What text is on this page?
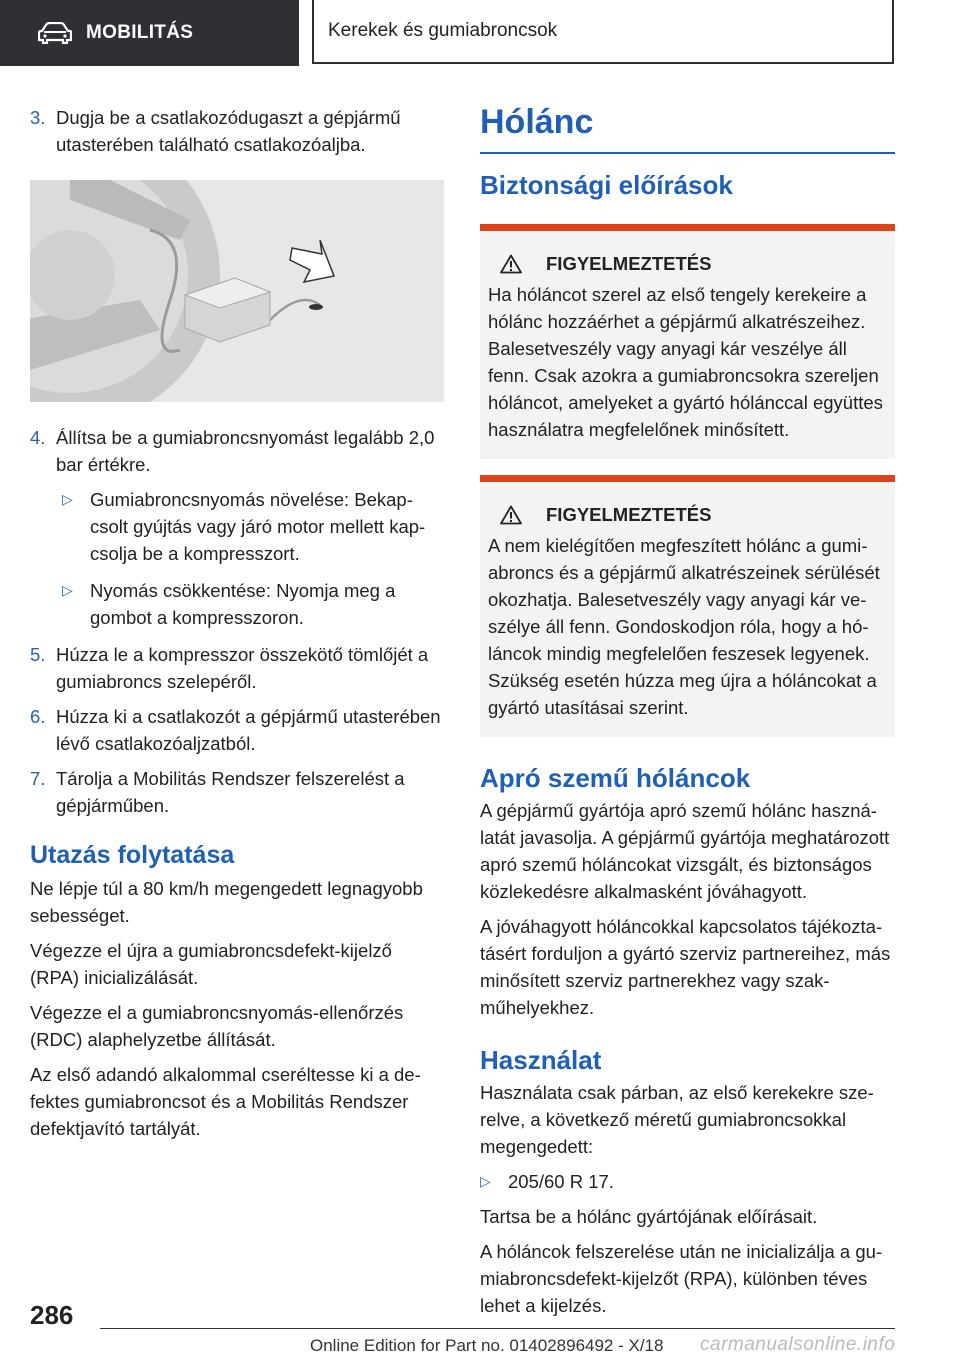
MOBILITÁS	Kerekek és gumiabroncsok
3. Dugja be a csatlakozódugaszt a gépjármű utasterében található csatlakozóaljba.
4. Állítsa be a gumiabroncsnyomást legalább 2,0 bar értékre.
▷ Gumiabroncsnyomás növelése: Bekapcsolt gyújtás vagy járó motor mellett kapcsolja be a kompresszort.
▷ Nyomás csökkentése: Nyomja meg a gombot a kompresszoron.
5. Húzza le a kompresszor összekötő tömlőjét a gumiabroncs szelepéről.
6. Húzza ki a csatlakozót a gépjármű utasterében lévő csatlakozóaljzatból.
7. Tárolja a Mobilitás Rendszer felszerelést a gépjárműben.
Utazás folytatása

Ne lépje túl a 80 km/h megengedett legnagyobb sebességet.

Végezze el újra a gumiabroncsdefekt-kijelző (RPA) inicializálását.

Végezze el a gumiabroncsnyomás-ellenőrzés (RDC) alaphelyzetbe állítását.

Az első adandó alkalommal cseréltesse ki a defektes gumiabroncsot és a Mobilitás Rendszer defektjavító tartályát.

Hólánc
Biztonsági előírások
FIGYELMEZTETÉS

Ha hóláncot szerel az első tengely kerekeire a hólánc hozzáérhet a gépjármű alkatrészeihez. Balesetveszély vagy anyagi kár veszélye áll fenn. Csak azokra a gumiabroncsokra szereljen hóláncot, amelyeket a gyártó hólánccal együttes használatra megfelelőnek minősített.

FIGYELMEZTETÉS

A nem kielégítően megfeszített hólánc a gumiabroncs és a gépjármű alkatrészeinek sérülését okozhatja. Balesetveszély vagy anyagi kár veszélye áll fenn. Gondoskodjon róla, hogy a hóláncok mindig megfelelően feszesek legyenek. Szükség esetén húzza meg újra a hóláncokat a gyártó utasításai szerint.

Apró szemű hóláncok

A gépjármű gyártója apró szemű hólánc használatát javasolja. A gépjármű gyártója meghatározott apró szemű hóláncokat vizsgált, és biztonságos közlekedésre alkalmasként jóváhagyott.

A jóváhagyott hóláncokkal kapcsolatos tájékoztatásért forduljon a gyártó szerviz partnereihez, más minősített szerviz partnerekhez vagy szakműhelyekhez.

Használat

Használata csak párban, az első kerekekre szerelve, a következő méretű gumiabroncsokkal megengedett:

▷ 205/60 R 17.

Tartsa be a hólánc gyártójának előírásait.

A hóláncok felszerelése után ne inicializálja a gumiabroncsdefekt-kijelzőt (RPA), különben téves lehet a kijelzés.

286
Online Edition for Part no. 01402896492 - X/18 carmanualsonline.info
